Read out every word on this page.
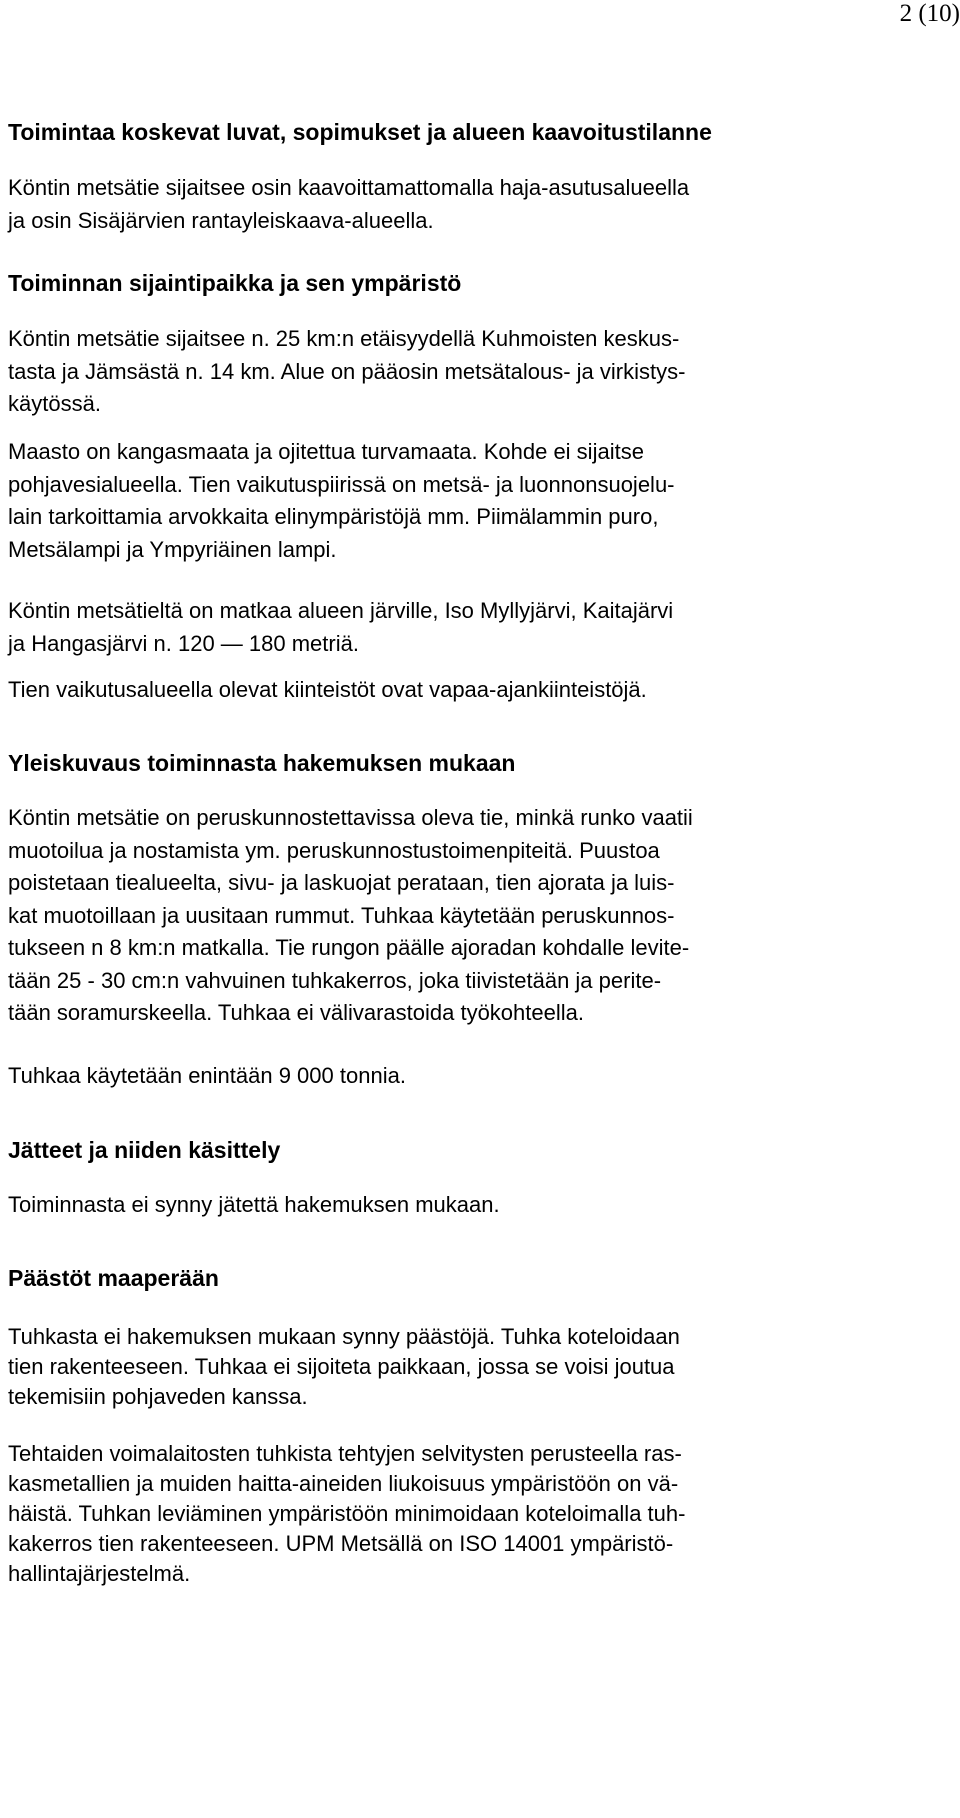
2 (10)
Toimintaa koskevat luvat, sopimukset ja alueen kaavoitustilanne

Köntin metsätie sijaitsee osin kaavoittamattomalla haja-asutusalueella
ja osin Sisäjärvien rantayleiskaava-alueella.

Toiminnan sijaintipaikka ja sen ympäristö

Köntin metsätie sijaitsee n. 25 km:n etäisyydellä Kuhmoisten keskus-
tasta ja Jämsästä n. 14 km. Alue on pääosin metsätalous- ja virkistys-
käytössä.

Maasto on kangasmaata ja ojitettua turvamaata. Kohde ei sijaitse
pohjavesialueella. Tien vaikutuspiirissä on metsä- ja luonnonsuojelu-
lain tarkoittamia arvokkaita elinympäristöjä mm. Piimälammin puro,
Metsälampi ja Ympyriäinen lampi.

Köntin metsätieltä on matkaa alueen järville, Iso Myllyjärvi, Kaitajärvi
ja Hangasjärvi n. 120 — 180 metriä.

Tien vaikutusalueella olevat kiinteistöt ovat vapaa-ajankiinteistöjä.

Yleiskuvaus toiminnasta hakemuksen mukaan

Köntin metsätie on peruskunnostettavissa oleva tie, minkä runko vaatii
muotoilua ja nostamista ym. peruskunnostustoimenpiteitä. Puustoa
poistetaan tiealueelta, sivu- ja laskuojat perataan, tien ajorata ja luis-
kat muotoillaan ja uusitaan rummut. Tuhkaa käytetään peruskunnos-
tukseen n 8 km:n matkalla. Tie rungon päälle ajoradan kohdalle levite-
tään 25 - 30 cm:n vahvuinen tuhkakerros, joka tiivistetään ja perite-
tään soramurskeella. Tuhkaa ei välivarastoida työkohteella.

Tuhkaa käytetään enintään 9 000 tonnia.

Jätteet ja niiden käsittely

Toiminnasta ei synny jätettä hakemuksen mukaan.

Päästöt maaperään

Tuhkasta ei hakemuksen mukaan synny päästöjä. Tuhka koteloidaan
tien rakenteeseen. Tuhkaa ei sijoiteta paikkaan, jossa se voisi joutua
tekemisiin pohjaveden kanssa.

Tehtaiden voimalaitosten tuhkista tehtyjen selvitysten perusteella ras-
kasmetallien ja muiden haitta-aineiden liukoisuus ympäristöön on vä-
häistä. Tuhkan leviäminen ympäristöön minimoidaan koteloimalla tuh-
kakerros tien rakenteeseen. UPM Metsällä on ISO 14001 ympäristö-
hallintajärjestelmä.
